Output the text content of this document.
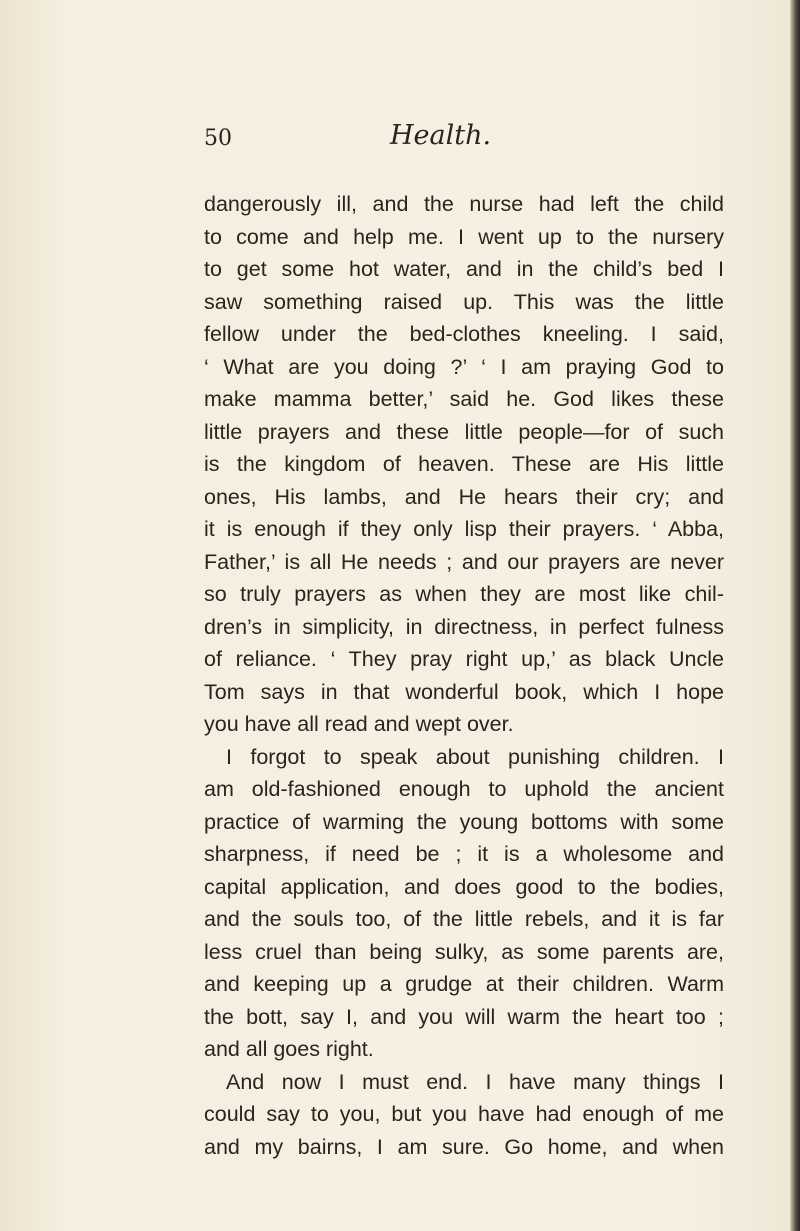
50	Health.
dangerously ill, and the nurse had left the child
to come and help me. I went up to the nursery
to get some hot water, and in the child’s bed I
saw something raised up. This was the little
fellow under the bed-clothes kneeling. I said,
‘ What are you doing ?’ ‘ I am praying God to
make mamma better,’ said he. God likes these
little prayers and these little people—for of such
is the kingdom of heaven. These are His little
ones, His lambs, and He hears their cry; and
it is enough if they only lisp their prayers. ‘ Abba,
Father,’ is all He needs ; and our prayers are never
so truly prayers as when they are most like chil-
dren’s in simplicity, in directness, in perfect fulness
of reliance. ‘ They pray right up,’ as black Uncle
Tom says in that wonderful book, which I hope
you have all read and wept over.
I forgot to speak about punishing children. I
am old-fashioned enough to uphold the ancient
practice of warming the young bottoms with some
sharpness, if need be ; it is a wholesome and
capital application, and does good to the bodies,
and the souls too, of the little rebels, and it is far
less cruel than being sulky, as some parents are,
and keeping up a grudge at their children. Warm
the bott, say I, and you will warm the heart too ;
and all goes right.
And now I must end. I have many things I
could say to you, but you have had enough of me
and my bairns, I am sure. Go home, and when
